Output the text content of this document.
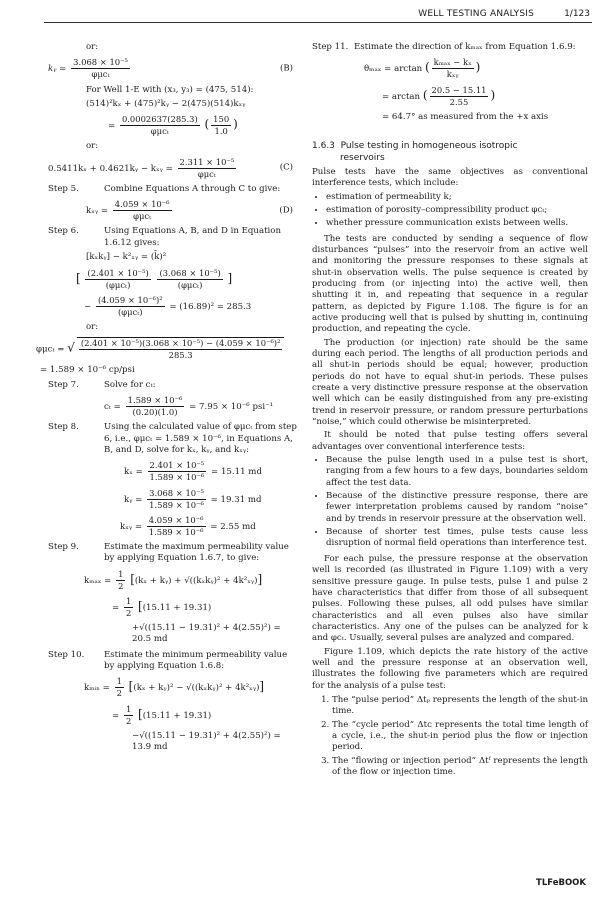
WELL TESTING ANALYSIS	1/123
or:
kᵧ = $\frac{\text{3.068 × 10⁻⁵}}{\text{φμcₜ}}$	(B)
For Well 1-E with (x₃, y₃) = (475, 514):
(514)²kₓ + (475)²kᵧ − 2(475)(514)kₓᵧ
= $\frac{0.0002637(285.3)}{\text{φμcₜ}}$ ( $\frac{150}{1.0}$ )
or:
0.5411kₓ + 0.4621kᵧ − kₓᵧ = $\frac{\text{2.311 × 10⁻⁵}}{\text{φμcₜ}}$	(C)
Step 5.	Combine Equations A through C to give:
kₓᵧ = $\frac{\text{4.059 × 10⁻⁶}}{\text{φμcₜ}}$	(D)
Step 6.	Using Equations A, B, and D in Equation 1.6.12 gives:
[kₓkᵧ] − k²ₓᵧ = (k̄)²
[ $\frac{\text{(2.401 × 10⁻⁵)}}{\text{(φμcₜ)}}$
$\frac{\text{(3.068 × 10⁻⁵)}}{\text{(φμcₜ)}}$ ]
− $\frac{\text{(4.059 × 10⁻⁶)²}}{\text{(φμcₜ)}} = (16.89)^2 = 285.3$
or:
φμcₜ = √ $\frac{\text{(2.401 × 10⁻⁵)(3.068 × 10⁻⁵) − (4.059 × 10⁻⁶)²}}{285.3}$
= 1.589 × 10⁻⁶ cp/psi
Step 7.	Solve for cₜ:
$c_t = \frac{\text{1.589 × 10⁻⁶}}{(0.20)(1.0)} = 7.95 \times 10^{-6}$ psi⁻¹
Step 8.	Using the calculated value of φμcₜ from step 6, i.e., φμcₜ = 1.589 × 10⁻⁶, in Equations A, B, and D, solve for kₓ, kᵧ, and kₓᵧ:
$k_x = \frac{\text{2.401 × 10⁻⁵}}{\text{1.589 × 10⁻⁶}} = 15.11$ md
kᵧ = $\frac{\text{3.068 × 10⁻⁵}}{\text{1.589 × 10⁻⁶}} = 19.31$ md
kₓᵧ = $\frac{\text{4.059 × 10⁻⁶}}{\text{1.589 × 10⁻⁶}} = 2.55$ md
Step 9.	Estimate the maximum permeability value by applying Equation 1.6.7, to give:
$k_{max} = \frac{1}{2} [(k_x$ + kᵧ) + √((kₓkᵧ)² + 4k²ₓᵧ)]
= $\frac{1}{2} [(15.11 + 19.31)$
+√((15.11 − 19.31)² + 4(2.55)²) = 20.5 md
Step 10.	Estimate the minimum permeability value by applying Equation 1.6.8:
kₘᵢₙ = $\frac{1}{2} [(k_x$ + kᵧ)² − √((kₓkᵧ)² + 4k²ₓᵧ)]
= $\frac{1}{2} [(15.11 + 19.31)$
−√((15.11 − 19.31)² + 4(2.55)²) = 13.9 md
Step 11. Estimate the direction of kₘₐₓ from Equation 1.6.9:
θₘₐₓ = arctan ( $\frac{\text{kₘₐₓ − kₓ}}{\text{kₓᵧ}}$ )
= arctan ( $\frac{20.5 - 15.11}{2.55}$ )
= 64.7° as measured from the +x axis
1.6.3 Pulse testing in homogeneous isotropic
reservoirs

Pulse tests have the same objectives as conventional interference tests, which include:

• estimation of permeability k;
• estimation of porosity–compressibility product φcₜ;
• whether pressure communication exists between wells.

The tests are conducted by sending a sequence of flow disturbances “pulses” into the reservoir from an active well and monitoring the pressure responses to these signals at shut-in observation wells. The pulse sequence is created by producing from (or injecting into) the active well, then shutting it in, and repeating that sequence in a regular pattern, as depicted by Figure 1.108. The figure is for an active producing well that is pulsed by shutting in, continuing production, and repeating the cycle.

The production (or injection) rate should be the same during each period. The lengths of all production periods and all shut-in periods should be equal; however, production periods do not have to equal shut-in periods. These pulses create a very distinctive pressure response at the observation well which can be easily distinguished from any pre-existing trend in reservoir pressure, or random pressure perturbations “noise,” which could otherwise be misinterpreted.

It should be noted that pulse testing offers several advantages over conventional interference tests:

• Because the pulse length used in a pulse test is short, ranging from a few hours to a few days, boundaries seldom affect the test data.
• Because of the distinctive pressure response, there are fewer interpretation problems caused by random “noise” and by trends in reservoir pressure at the observation well.
• Because of shorter test times, pulse tests cause less disruption of normal field operations than interference test.

For each pulse, the pressure response at the observation well is recorded (as illustrated in Figure 1.109) with a very sensitive pressure gauge. In pulse tests, pulse 1 and pulse 2 have characteristics that differ from those of all subsequent pulses. Following these pulses, all odd pulses have similar characteristics and all even pulses also have similar characteristics. Any one of the pulses can be analyzed for k and φcₜ. Usually, several pulses are analyzed and compared.

Figure 1.109, which depicts the rate history of the active well and the pressure response at an observation well, illustrates the following five parameters which are required for the analysis of a pulse test:

1. The “pulse period” Δtₚ represents the length of the shut-in time.
2. The “cycle period” Δtᴄ represents the total time length of a cycle, i.e., the shut-in period plus the flow or injection period.
3. The “flowing or injection period” Δtᶠ represents the length of the flow or injection time.
TLFeBOOK
